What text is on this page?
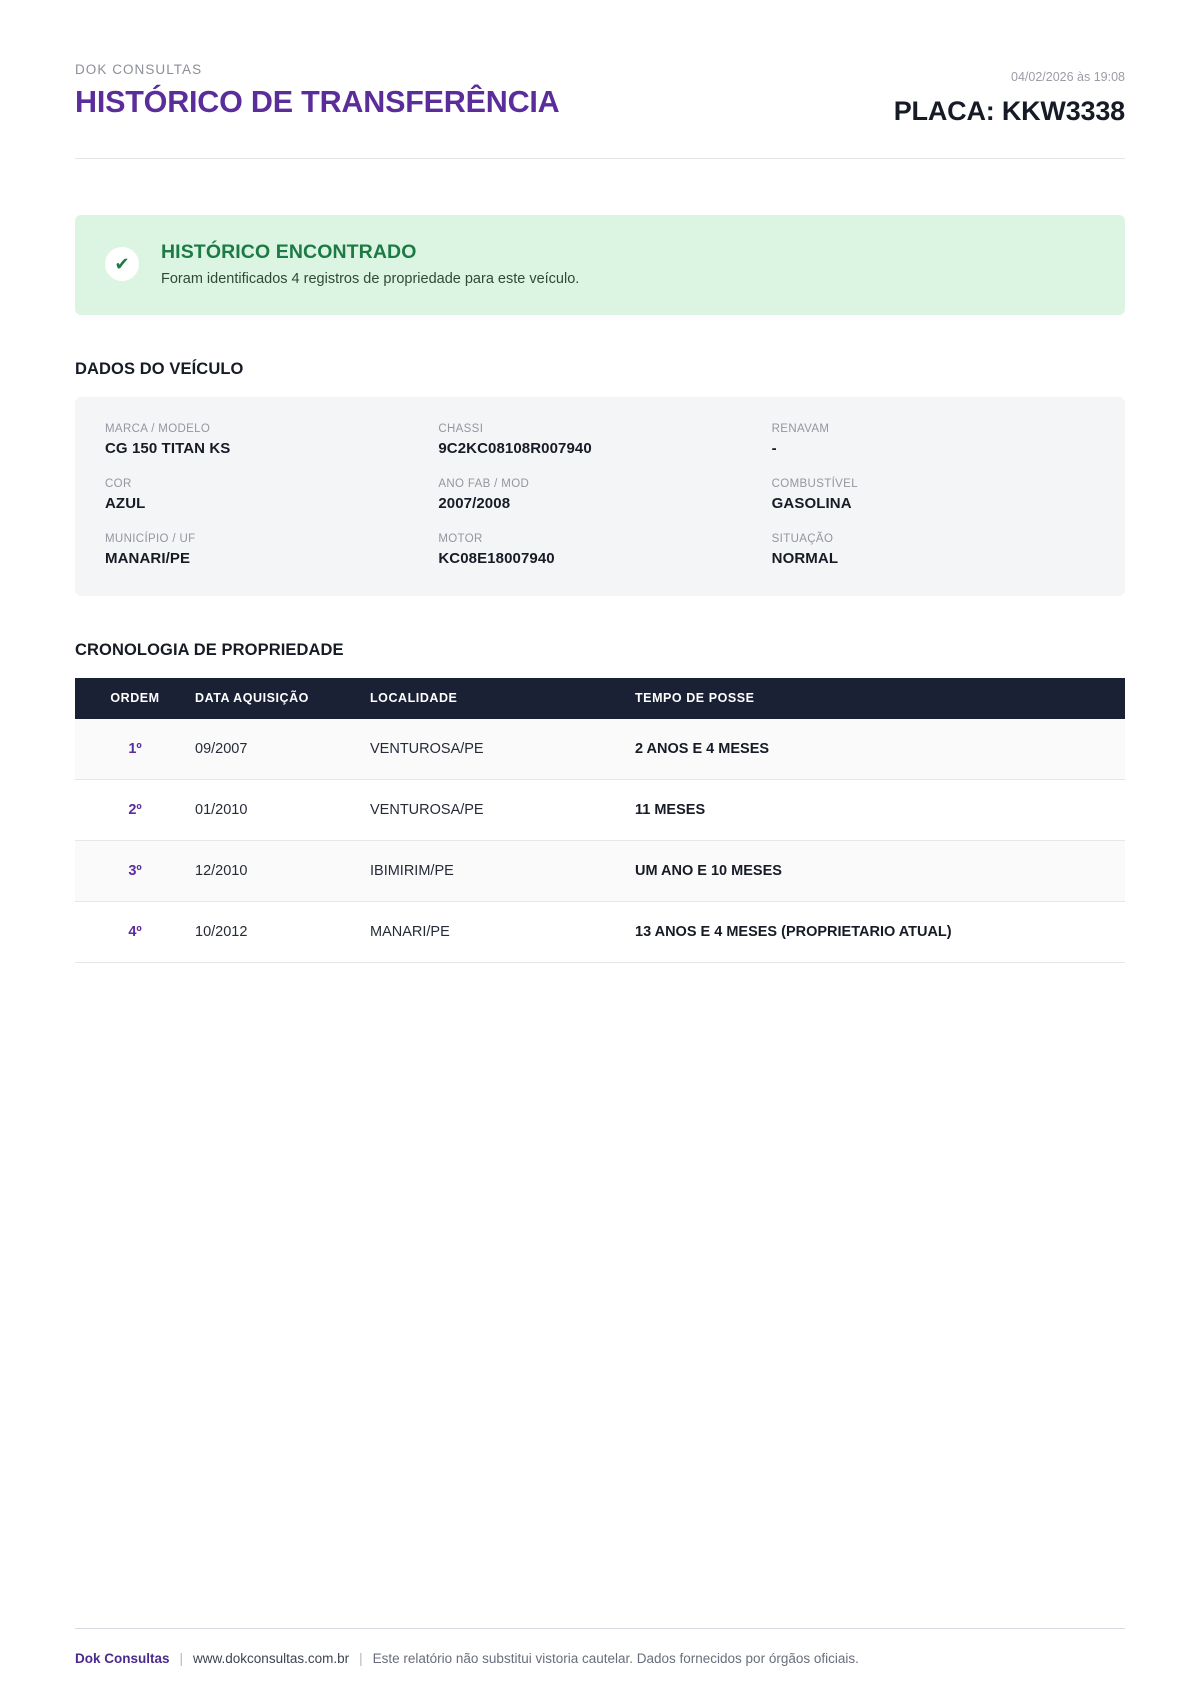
DOK CONSULTAS
HISTÓRICO DE TRANSFERÊNCIA
04/02/2026 às 19:08
PLACA: KKW3338
✔
HISTÓRICO ENCONTRADO
Foram identificados 4 registros de propriedade para este veículo.
DADOS DO VEÍCULO
MARCA / MODELO
CG 150 TITAN KS
CHASSI
9C2KC08108R007940
RENAVAM
-
COR
AZUL
ANO FAB / MOD
2007/2008
COMBUSTÍVEL
GASOLINA
MUNICÍPIO / UF
MANARI/PE
MOTOR
KC08E18007940
SITUAÇÃO
NORMAL
CRONOLOGIA DE PROPRIEDADE
ORDEM	DATA AQUISIÇÃO	LOCALIDADE	TEMPO DE POSSE
1º	09/2007	VENTUROSA/PE	2 ANOS E 4 MESES
2º	01/2010	VENTUROSA/PE	11 MESES
3º	12/2010	IBIMIRIM/PE	UM ANO E 10 MESES
4º	10/2012	MANARI/PE	13 ANOS E 4 MESES (PROPRIETARIO ATUAL)
Dok Consultas | www.dokconsultas.com.br | Este relatório não substitui vistoria cautelar. Dados fornecidos por órgãos oficiais.
